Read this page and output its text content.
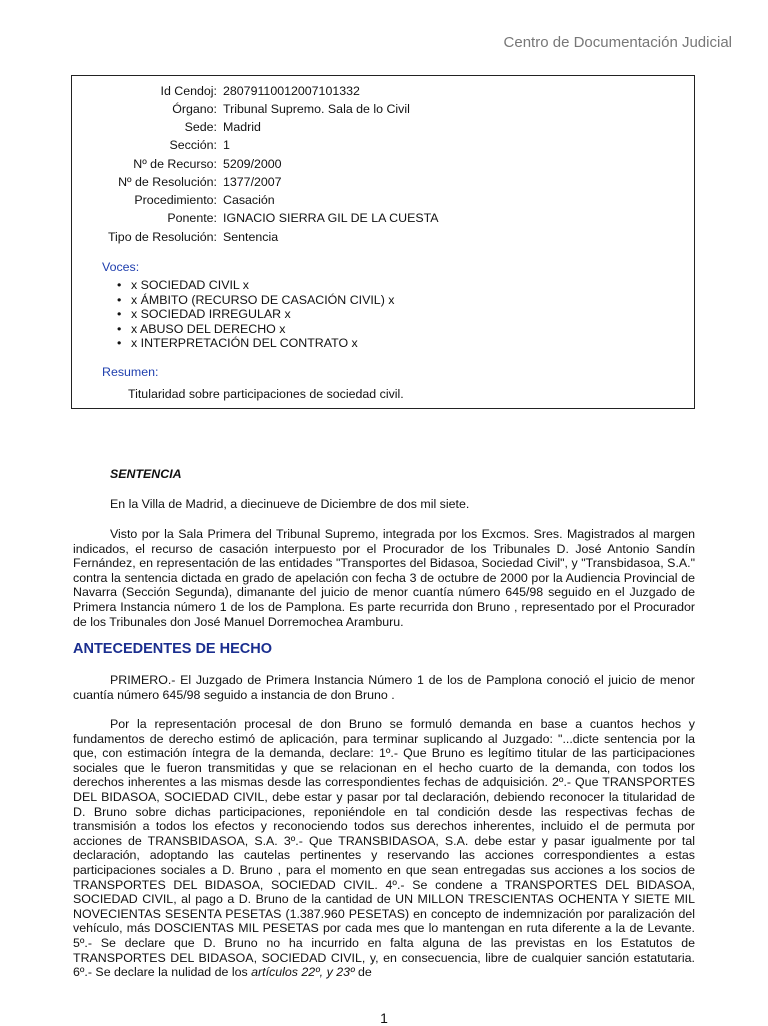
Centro de Documentación Judicial
Id Cendoj: 28079110012007101332
Órgano: Tribunal Supremo. Sala de lo Civil
Sede: Madrid
Sección: 1
Nº de Recurso: 5209/2000
Nº de Resolución: 1377/2007
Procedimiento: Casación
Ponente: IGNACIO SIERRA GIL DE LA CUESTA
Tipo de Resolución: Sentencia
Voces:
• x SOCIEDAD CIVIL x
• x ÁMBITO (RECURSO DE CASACIÓN CIVIL) x
• x SOCIEDAD IRREGULAR x
• x ABUSO DEL DERECHO x
• x INTERPRETACIÓN DEL CONTRATO x
Resumen:
Titularidad sobre participaciones de sociedad civil.
SENTENCIA

En la Villa de Madrid, a diecinueve de Diciembre de dos mil siete.

Visto por la Sala Primera del Tribunal Supremo, integrada por los Excmos. Sres. Magistrados al margen indicados, el recurso de casación interpuesto por el Procurador de los Tribunales D. José Antonio Sandín Fernández, en representación de las entidades "Transportes del Bidasoa, Sociedad Civil", y "Transbidasoa, S.A." contra la sentencia dictada en grado de apelación con fecha 3 de octubre de 2000 por la Audiencia Provincial de Navarra (Sección Segunda), dimanante del juicio de menor cuantía número 645/98 seguido en el Juzgado de Primera Instancia número 1 de los de Pamplona. Es parte recurrida don Bruno , representado por el Procurador de los Tribunales don José Manuel Dorremochea Aramburu.

ANTECEDENTES DE HECHO

PRIMERO.- El Juzgado de Primera Instancia Número 1 de los de Pamplona conoció el juicio de menor cuantía número 645/98 seguido a instancia de don Bruno .

Por la representación procesal de don Bruno se formuló demanda en base a cuantos hechos y fundamentos de derecho estimó de aplicación, para terminar suplicando al Juzgado: "...dicte sentencia por la que, con estimación íntegra de la demanda, declare: 1º.- Que Bruno es legítimo titular de las participaciones sociales que le fueron transmitidas y que se relacionan en el hecho cuarto de la demanda, con todos los derechos inherentes a las mismas desde las correspondientes fechas de adquisición. 2º.- Que TRANSPORTES DEL BIDASOA, SOCIEDAD CIVIL, debe estar y pasar por tal declaración, debiendo reconocer la titularidad de D. Bruno sobre dichas participaciones, reponiéndole en tal condición desde las respectivas fechas de transmisión a todos los efectos y reconociendo todos sus derechos inherentes, incluido el de permuta por acciones de TRANSBIDASOA, S.A. 3º.- Que TRANSBIDASOA, S.A. debe estar y pasar igualmente por tal declaración, adoptando las cautelas pertinentes y reservando las acciones correspondientes a estas participaciones sociales a D. Bruno , para el momento en que sean entregadas sus acciones a los socios de TRANSPORTES DEL BIDASOA, SOCIEDAD CIVIL. 4º.- Se condene a TRANSPORTES DEL BIDASOA, SOCIEDAD CIVIL, al pago a D. Bruno de la cantidad de UN MILLON TRESCIENTAS OCHENTA Y SIETE MIL NOVECIENTAS SESENTA PESETAS (1.387.960 PESETAS) en concepto de indemnización por paralización del vehículo, más DOSCIENTAS MIL PESETAS por cada mes que lo mantengan en ruta diferente a la de Levante. 5º.- Se declare que D. Bruno no ha incurrido en falta alguna de las previstas en los Estatutos de TRANSPORTES DEL BIDASOA, SOCIEDAD CIVIL, y, en consecuencia, libre de cualquier sanción estatutaria. 6º.- Se declare la nulidad de los artículos 22º, y 23º de

1
